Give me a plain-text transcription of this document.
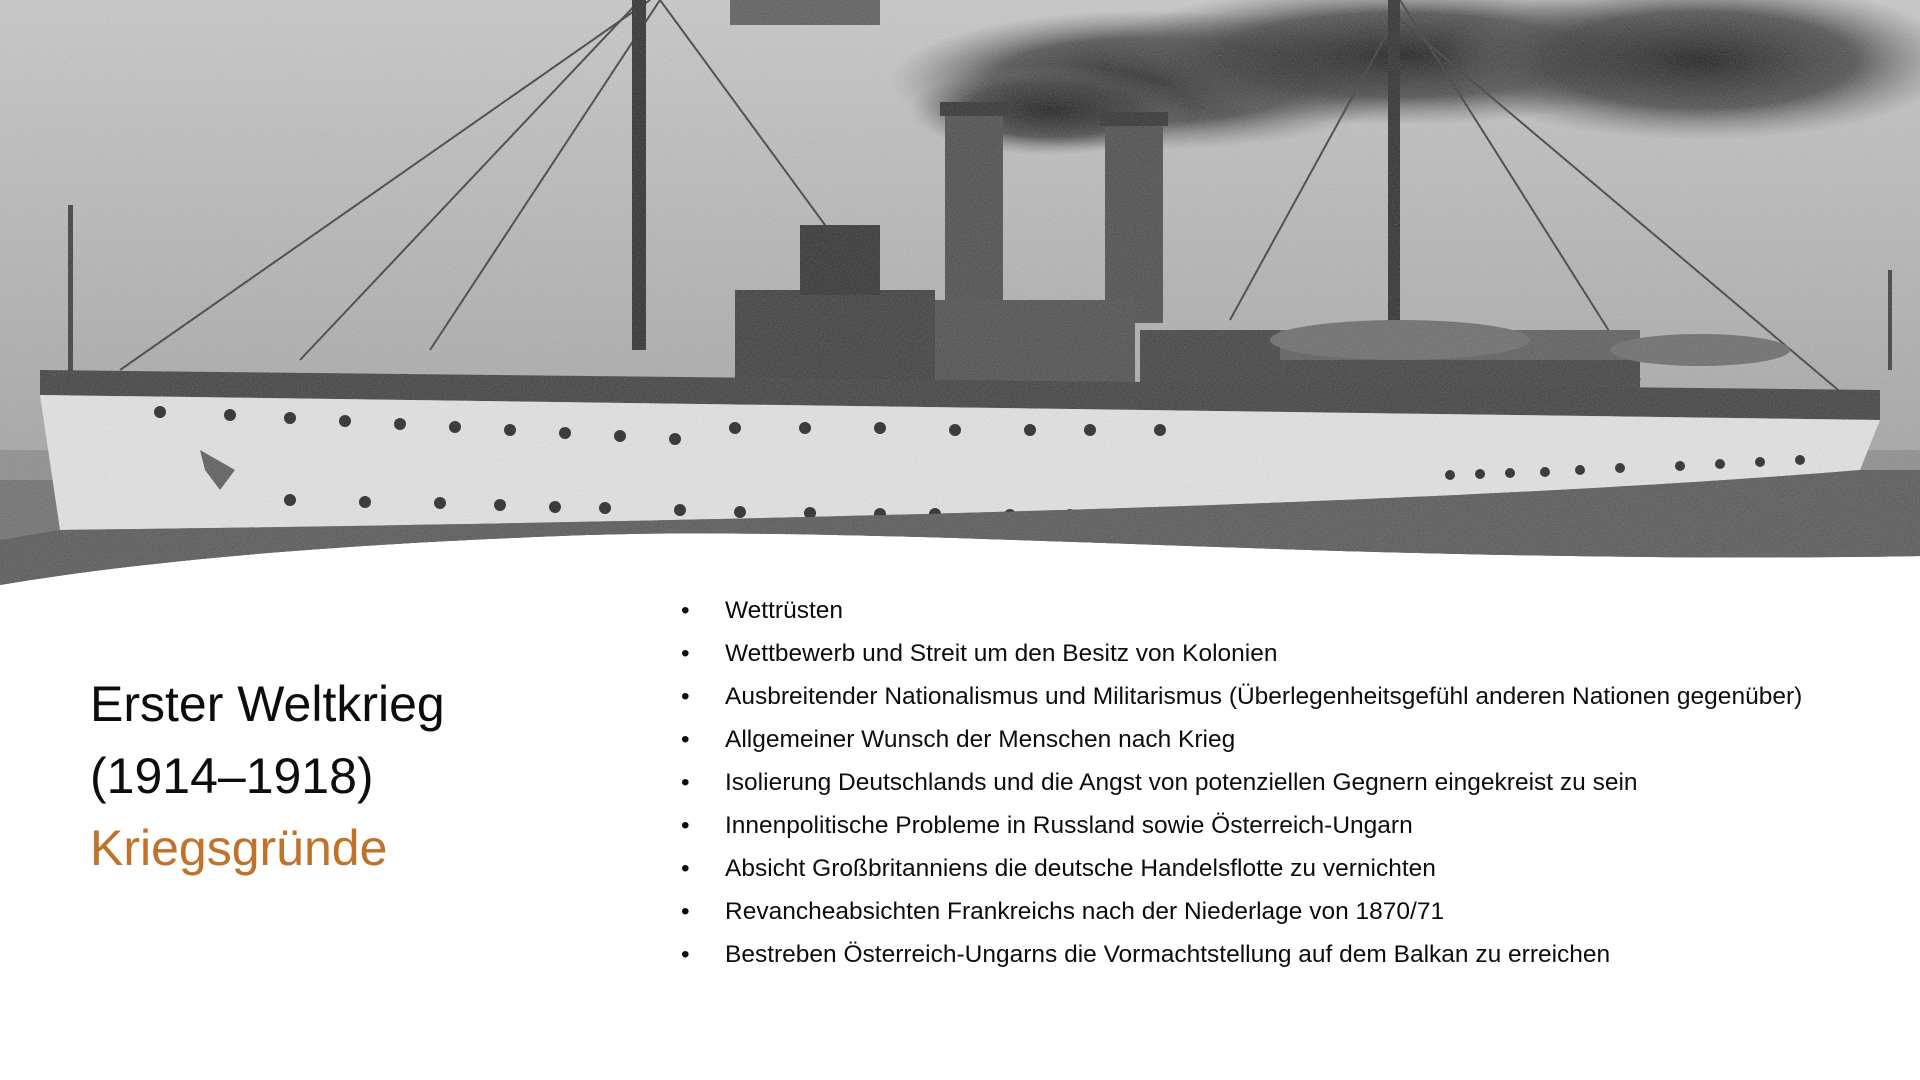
Erster Weltkrieg
(1914–1918)
Kriegsgründe
• Wettrüsten
• Wettbewerb und Streit um den Besitz von Kolonien
• Ausbreitender Nationalismus und Militarismus (Überlegenheitsgefühl anderen Nationen gegenüber)
• Allgemeiner Wunsch der Menschen nach Krieg
• Isolierung Deutschlands und die Angst von potenziellen Gegnern eingekreist zu sein
• Innenpolitische Probleme in Russland sowie Österreich-Ungarn
• Absicht Großbritanniens die deutsche Handelsflotte zu vernichten
• Revancheabsichten Frankreichs nach der Niederlage von 1870/71
• Bestreben Österreich-Ungarns die Vormachtstellung auf dem Balkan zu erreichen
